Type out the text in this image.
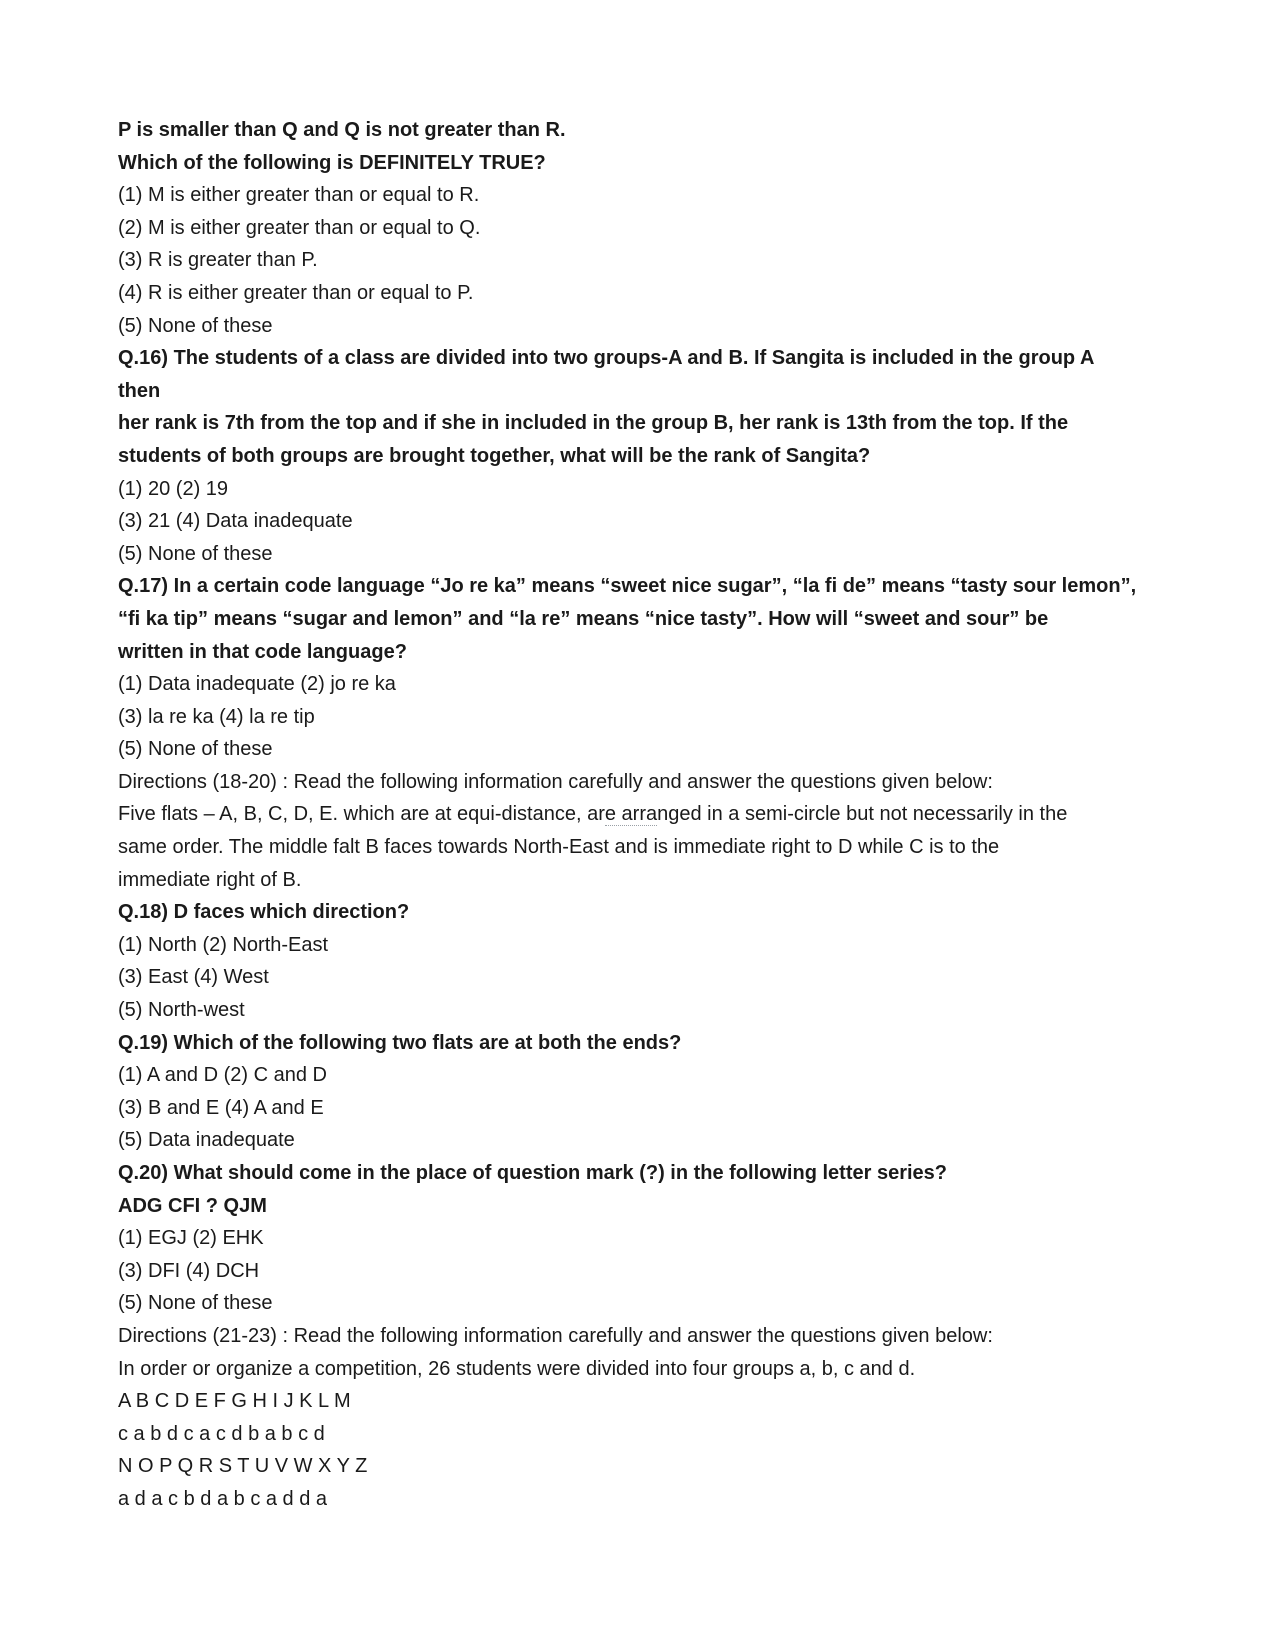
P is smaller than Q and Q is not greater than R.

Which of the following is DEFINITELY TRUE?

(1) M is either greater than or equal to R.

(2) M is either greater than or equal to Q.

(3) R is greater than P.

(4) R is either greater than or equal to P.

(5) None of these

Q.16) The students of a class are divided into two groups-A and B. If Sangita is included in the group A

then

her rank is 7th from the top and if she in included in the group B, her rank is 13th from the top. If the

students of both groups are brought together, what will be the rank of Sangita?

(1) 20 (2) 19

(3) 21 (4) Data inadequate

(5) None of these

Q.17) In a certain code language “Jo re ka” means “sweet nice sugar”, “la fi de” means “tasty sour lemon”,

“fi ka tip” means “sugar and lemon” and “la re” means “nice tasty”. How will “sweet and sour” be

written in that code language?

(1) Data inadequate (2) jo re ka

(3) la re ka (4) la re tip

(5) None of these

Directions (18-20) : Read the following information carefully and answer the questions given below:

Five flats – A, B, C, D, E. which are at equi-distance, are arranged in a semi-circle but not necessarily in the

same order. The middle falt B faces towards North-East and is immediate right to D while C is to the

immediate right of B.

Q.18) D faces which direction?

(1) North (2) North-East

(3) East (4) West

(5) North-west

Q.19) Which of the following two flats are at both the ends?

(1) A and D (2) C and D

(3) B and E (4) A and E

(5) Data inadequate

Q.20) What should come in the place of question mark (?) in the following letter series?

ADG CFI ? QJM

(1) EGJ (2) EHK

(3) DFI (4) DCH

(5) None of these

Directions (21-23) : Read the following information carefully and answer the questions given below:

In order or organize a competition, 26 students were divided into four groups a, b, c and d.

A B C D E F G H I J K L M

c a b d c a c d b a b c d

N O P Q R S T U V W X Y Z

a d a c b d a b c a d d a
